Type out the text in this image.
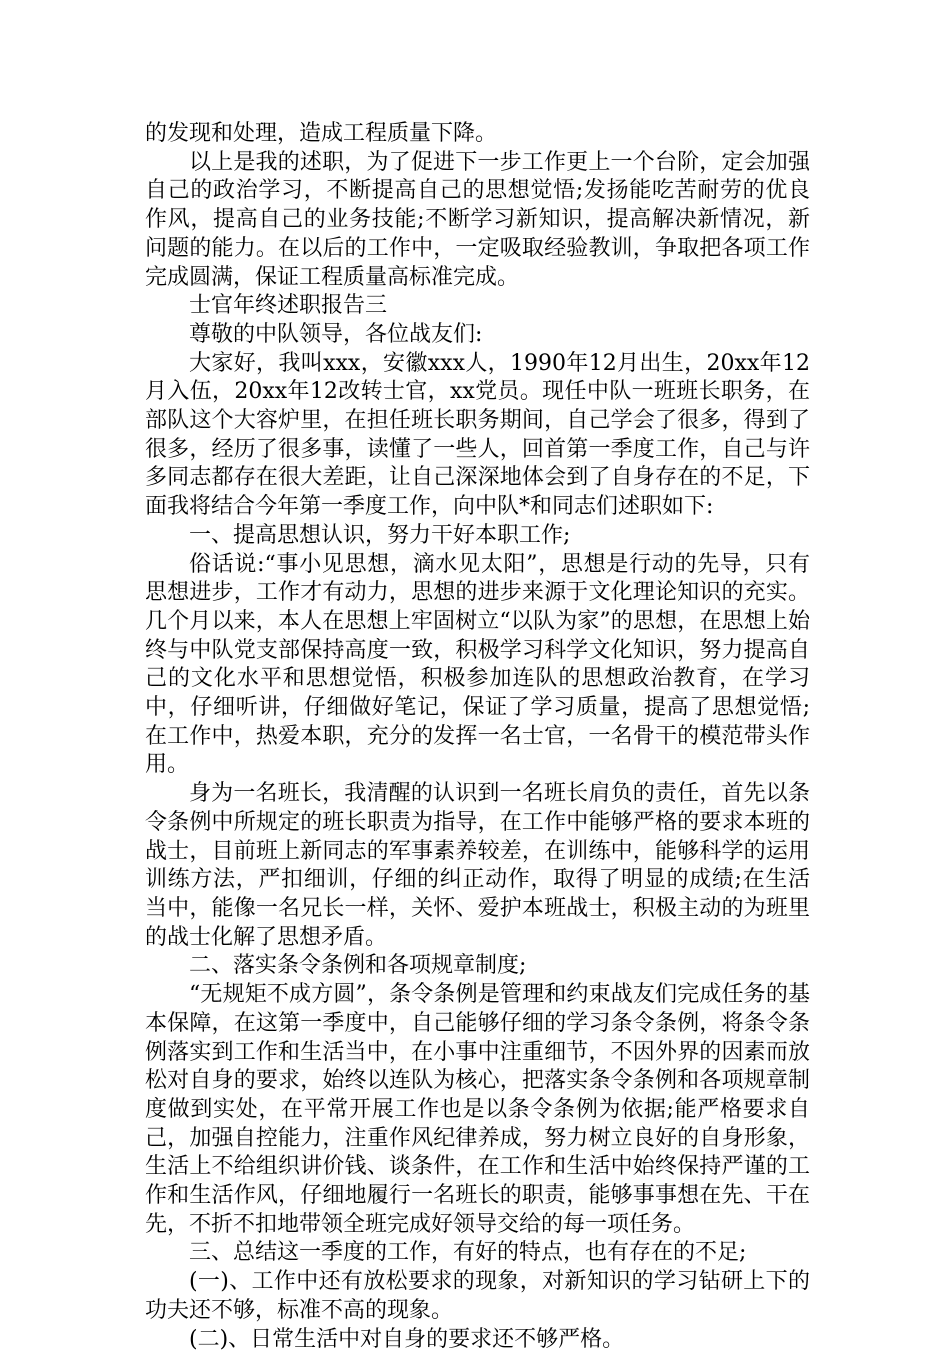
的发现和处理，造成工程质量下降。

以上是我的述职，为了促进下一步工作更上一个台阶，定会加强自己的政治学习，不断提高自己的思想觉悟;发扬能吃苦耐劳的优良作风，提高自己的业务技能;不断学习新知识，提高解决新情况，新问题的能力。在以后的工作中，一定吸取经验教训，争取把各项工作完成圆满，保证工程质量高标准完成。

士官年终述职报告三

尊敬的中队领导，各位战友们:

大家好，我叫xxx，安徽xxx人，1990年12月出生，20xx年12月入伍，20xx年12改转士官，xx党员。现任中队一班班长职务，在部队这个大容炉里，在担任班长职务期间，自己学会了很多，得到了很多，经历了很多事，读懂了一些人，回首第一季度工作，自己与许多同志都存在很大差距，让自己深深地体会到了自身存在的不足，下面我将结合今年第一季度工作，向中队*和同志们述职如下:

一、提高思想认识，努力干好本职工作;

俗话说:“事小见思想，滴水见太阳”，思想是行动的先导，只有思想进步，工作才有动力，思想的进步来源于文化理论知识的充实。几个月以来，本人在思想上牢固树立“以队为家”的思想，在思想上始终与中队党支部保持高度一致，积极学习科学文化知识，努力提高自己的文化水平和思想觉悟，积极参加连队的思想政治教育，在学习中，仔细听讲，仔细做好笔记，保证了学习质量，提高了思想觉悟;在工作中，热爱本职，充分的发挥一名士官，一名骨干的模范带头作用。

身为一名班长，我清醒的认识到一名班长肩负的责任，首先以条令条例中所规定的班长职责为指导，在工作中能够严格的要求本班的战士，目前班上新同志的军事素养较差，在训练中，能够科学的运用训练方法，严扣细训，仔细的纠正动作，取得了明显的成绩;在生活当中，能像一名兄长一样，关怀、爱护本班战士，积极主动的为班里的战士化解了思想矛盾。

二、落实条令条例和各项规章制度;

“无规矩不成方圆”，条令条例是管理和约束战友们完成任务的基本保障，在这第一季度中，自己能够仔细的学习条令条例，将条令条例落实到工作和生活当中，在小事中注重细节，不因外界的因素而放松对自身的要求，始终以连队为核心，把落实条令条例和各项规章制度做到实处，在平常开展工作也是以条令条例为依据;能严格要求自己，加强自控能力，注重作风纪律养成，努力树立良好的自身形象，生活上不给组织讲价钱、谈条件，在工作和生活中始终保持严谨的工作和生活作风，仔细地履行一名班长的职责，能够事事想在先、干在先，不折不扣地带领全班完成好领导交给的每一项任务。

三、总结这一季度的工作，有好的特点，也有存在的不足;

(一)、工作中还有放松要求的现象，对新知识的学习钻研上下的功夫还不够，标准不高的现象。

(二)、日常生活中对自身的要求还不够严格。
